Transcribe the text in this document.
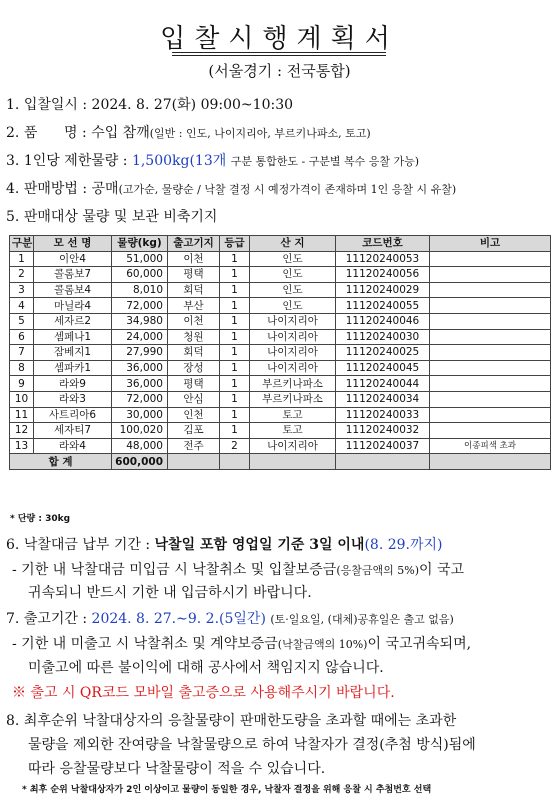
입찰시행계획서
(서울경기 : 전국통합)
1. 입찰일시 : 2024. 8. 27(화) 09:00~10:30
2. 품      명 : 수입 참깨(일반 : 인도, 나이지리아, 부르키나파소, 토고)
3. 1인당 제한물량 : 1,500kg(13개 구분 통합한도 - 구분별 복수 응찰 가능)
4. 판매방법 : 공매(고가순, 물량순 / 낙찰 결정 시 예정가격이 존재하며 1인 응찰 시 유찰)
5. 판매대상 물량 및 보관 비축기지
구분	모 선 명	물량(kg)	출고기지	등급	산 지	코드번호	비고
1	이안4	51,000	이천	1	인도	11120240053	
2	콜롬보7	60,000	평택	1	인도	11120240056	
3	콜롬보4	8,010	회덕	1	인도	11120240029	
4	마닐라4	72,000	부산	1	인도	11120240055	
5	세자르2	34,980	이천	1	나이지리아	11120240046	
6	셈페나1	24,000	청원	1	나이지리아	11120240030	
7	잠베지1	27,990	회덕	1	나이지리아	11120240025	
8	셈파카1	36,000	장성	1	나이지리아	11120240045	
9	라와9	36,000	평택	1	부르키나파소	11120240044	
10	라와3	72,000	안심	1	부르키나파소	11120240034	
11	사트리아6	30,000	인천	1	토고	11120240033	
12	세자티7	100,020	김포	1	토고	11120240032	
13	라와4	48,000	전주	2	나이지리아	11120240037	이종피색 초과
합 계		600,000					
* 단량 : 30kg
6. 낙찰대금 납부 기간 : 낙찰일 포함 영업일 기준 3일 이내(8. 29.까지)
- 기한 내 낙찰대금 미입금 시 낙찰취소 및 입찰보증금(응찰금액의 5%)이 국고
귀속되니 반드시 기한 내 입금하시기 바랍니다.
7. 출고기간 : 2024. 8. 27.∼9. 2.(5일간) (토·일요일, (대체)공휴일은 출고 없음)
- 기한 내 미출고 시 낙찰취소 및 계약보증금(낙찰금액의 10%)이 국고귀속되며,
미출고에 따른 불이익에 대해 공사에서 책임지지 않습니다.
※ 출고 시 QR코드 모바일 출고증으로 사용해주시기 바랍니다.
8. 최후순위 낙찰대상자의 응찰물량이 판매한도량을 초과할 때에는 초과한
물량을 제외한 잔여량을 낙찰물량으로 하여 낙찰자가 결정(추첨 방식)됨에
따라 응찰물량보다 낙찰물량이 적을 수 있습니다.
* 최후 순위 낙찰대상자가 2인 이상이고 물량이 동일한 경우, 낙찰자 결정을 위해 응찰 시 추첨번호 선택
